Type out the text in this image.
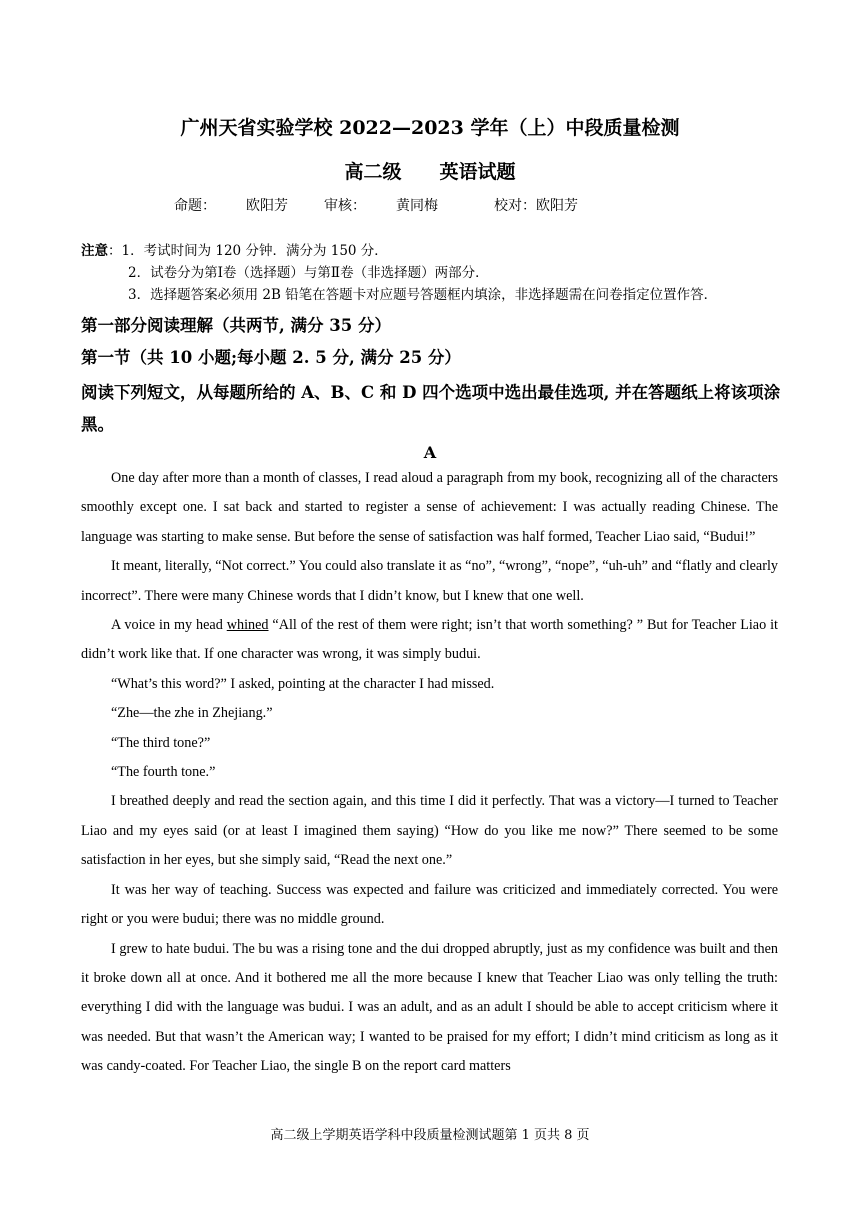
广州天省实验学校 2022—2023 学年（上）中段质量检测
高二级 英语试题
命题： 欧阳芳	审核： 黄同梅	校对：欧阳芳
注意：1．考试时间为 120 分钟．满分为 150 分．
2．试卷分为第Ⅰ卷（选择题）与第Ⅱ卷（非选择题）两部分．
3．选择题答案必须用 2B 铅笔在答题卡对应题号答题框内填涂，非选择题需在问卷指定位置作答．
第一部分阅读理解（共两节, 满分 35 分）
第一节（共 10 小题;每小题 2. 5 分, 满分 25 分）
阅读下列短文，从每题所给的 A、B、C 和 D 四个选项中选出最佳选项, 并在答题纸上将该项涂黑。
A

One day after more than a month of classes, I read aloud a paragraph from my book, recognizing all of the characters smoothly except one. I sat back and started to register a sense of achievement: I was actually reading Chinese. The language was starting to make sense. But before the sense of satisfaction was half formed, Teacher Liao said, “Budui!”

It meant, literally, “Not correct.” You could also translate it as “no”, “wrong”, “nope”, “uh-uh” and “flatly and clearly incorrect”. There were many Chinese words that I didn’t know, but I knew that one well.

A voice in my head whined “All of the rest of them were right; isn’t that worth something? ” But for Teacher Liao it didn’t work like that. If one character was wrong, it was simply budui.

“What’s this word?” I asked, pointing at the character I had missed.

“Zhe—the zhe in Zhejiang.”

“The third tone?”

“The fourth tone.”

I breathed deeply and read the section again, and this time I did it perfectly. That was a victory—I turned to Teacher Liao and my eyes said (or at least I imagined them saying) “How do you like me now?” There seemed to be some satisfaction in her eyes, but she simply said, “Read the next one.”

It was her way of teaching. Success was expected and failure was criticized and immediately corrected. You were right or you were budui; there was no middle ground.

I grew to hate budui. The bu was a rising tone and the dui dropped abruptly, just as my confidence was built and then it broke down all at once. And it bothered me all the more because I knew that Teacher Liao was only telling the truth: everything I did with the language was budui. I was an adult, and as an adult I should be able to accept criticism where it was needed. But that wasn’t the American way; I wanted to be praised for my effort; I didn’t mind criticism as long as it was candy-coated. For Teacher Liao, the single B on the report card matters

高二级上学期英语学科中段质量检测试题第 1 页共 8 页
